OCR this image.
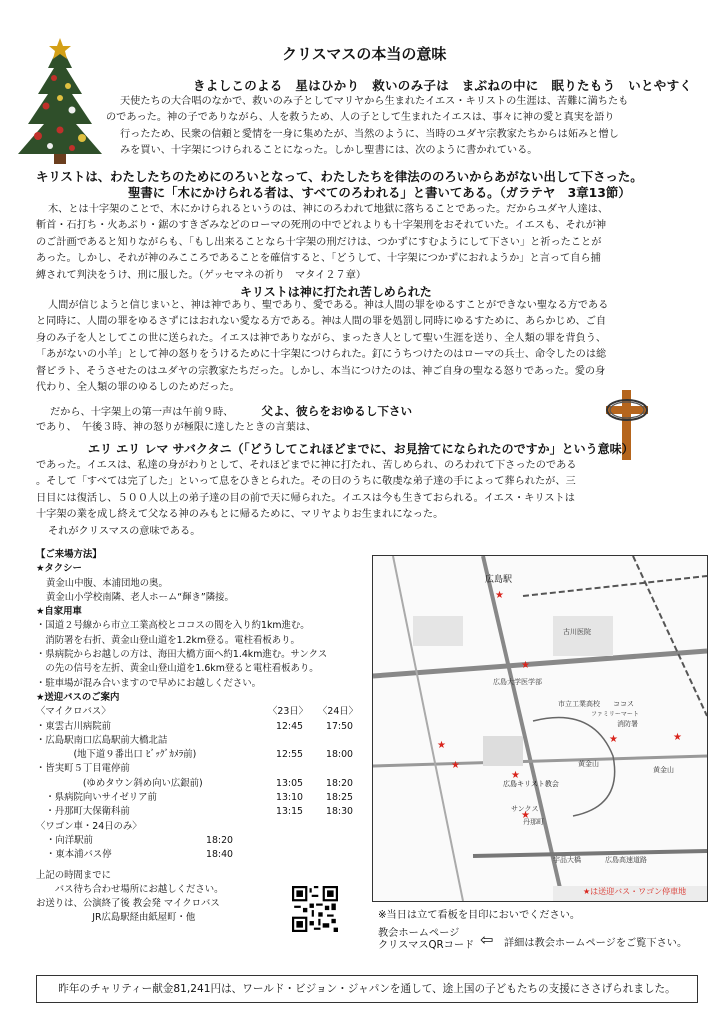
クリスマスの本当の意味
きよしこのよる　星はひかり　救いのみ子は　まぶねの中に　眠りたもう　いとやすく
天使たちの大合唱のなかで、救いのみ子としてマリヤから生まれたイエス・キリストの生涯は、苦難に満ちたも
のであった。神の子でありながら、人を救うため、人の子として生まれたイエスは、事々に神の愛と真実を語り
行ったため、民衆の信頼と愛情を一身に集めたが、当然のように、当時のユダヤ宗教家たちからは妬みと憎し
みを買い、十字架につけられることになった。しかし聖書には、次のように書かれている。
キリストは、わたしたちのためにのろいとなって、わたしたちを律法ののろいからあがない出して下さった。
聖書に「木にかけられる者は、すべてのろわれる」と書いてある。（ガラテヤ　3章13節）
木、とは十字架のことで、木にかけられるというのは、神にのろわれて地獄に落ちることであった。だからユダヤ人達は、
斬首・石打ち・火あぶり・鋸のすきざみなどのローマの死刑の中でどれよりも十字架刑をおそれていた。イエスも、それが神
のご計画であると知りながらも、「もし出来ることなら十字架の刑だけは、つかずにすむようにして下さい」と祈ったことが
あった。しかし、それが神のみこころであることを確信すると、「どうして、十字架につかずにおれようか」と言って自ら捕
縛されて判決をうけ、刑に服した。（ゲッセマネの祈り　マタイ２７章）
キリストは神に打たれ苦しめられた
人間が信じようと信じまいと、神は神であり、聖であり、愛である。神は人間の罪をゆるすことができない聖なる方である
と同時に、人間の罪をゆるさずにはおれない愛なる方である。神は人間の罪を処罰し同時にゆるすために、あらかじめ、ご自
身のみ子を人としてこの世に送られた。イエスは神でありながら、まったき人として聖い生涯を送り、全人類の罪を背負う、
「あがないの小羊」として神の怒りをうけるために十字架につけられた。釘にうちつけたのはローマの兵士、命令したのは総
督ピラト、そうさせたのはユダヤの宗教家たちだった。しかし、本当につけたのは、神ご自身の聖なる怒りであった。愛の身
代わり、全人類の罪のゆるしのためだった。
だから、十字架上の第一声は午前９時、 父よ、彼らをおゆるし下さい
であり、　午後３時、神の怒りが極限に達したときの言葉は、
エリ エリ レマ サバクタニ（「どうしてこれほどまでに、お見捨てになられたのですか」という意味）
であった。イエスは、私達の身がわりとして、それほどまでに神に打たれ、苦しめられ、のろわれて下さったのである
。そして「すべては完了した」といって息をひきとられた。その日のうちに敬虔な弟子達の手によって葬られたが、三
日目には復活し、５００人以上の弟子達の目の前で天に帰られた。イエスは今も生きておられる。イエス・キリストは
十字架の業を成し終えて父なる神のみもとに帰るために、マリヤよりお生まれになった。
それがクリスマスの意味である。
【ご来場方法】
★タクシー
黄金山中腹、本浦団地の奥。
黄金山小学校南隣、老人ホーム“輝き”隣接。
★自家用車
・国道２号線から市立工業高校とココスの間を入り約1km進む。
　消防署を右折、黄金山登山道を1.2km登る。電柱看板あり。
・県病院からお越しの方は、海田大橋方面へ約1.4km進む。サンクス
　の先の信号を左折、黄金山登山道を1.6km登ると電柱看板あり。
・駐車場が混み合いますので早めにお越しください。
★送迎バスのご案内
〈マイクロバス〉	〈23日〉 〈24日〉
・東雲古川病院前	12:45 17:50
・広島駅南口広島駅前大橋北詰
　　　　(地下道９番出口 ﾋﾞｯｸﾞｶﾒﾗ前)	12:55 18:00
・皆実町５丁目電停前
　　　　　(ゆめタウン斜め向い広銀前)	13:05 18:20
　・県病院向いサイゼリア前	13:10 18:25
　・丹那町大保衛科前	13:15 18:30
〈ワゴン車・24日のみ〉
・向洋駅前	18:20
・東本浦バス停	18:40
上記の時間までに
　　バス待ち合わせ場所にお越しください。
お送りは、公演終了後 教会発 マイクロバス
　　　　　　JR広島駅経由紙屋町・他
広島駅
古川医院
広島大学医学部
黄金山
広島キリスト教会
サンクス
丹那町
宇品大橋	広島高速道路
市立工業高校 ココス
消防署
ファミリーマート
黄金山
★
★
★
★
★
★	★
★
★は送迎バス・ワゴン停車地
※当日は立て看板を目印においでください。
教会ホームページ
クリスマスQRコード ⇦ 詳細は教会ホームページをご覧下さい。
昨年のチャリティー献金81,241円は、ワールド・ビジョン・ジャパンを通して、途上国の子どもたちの支援にささげられました。
